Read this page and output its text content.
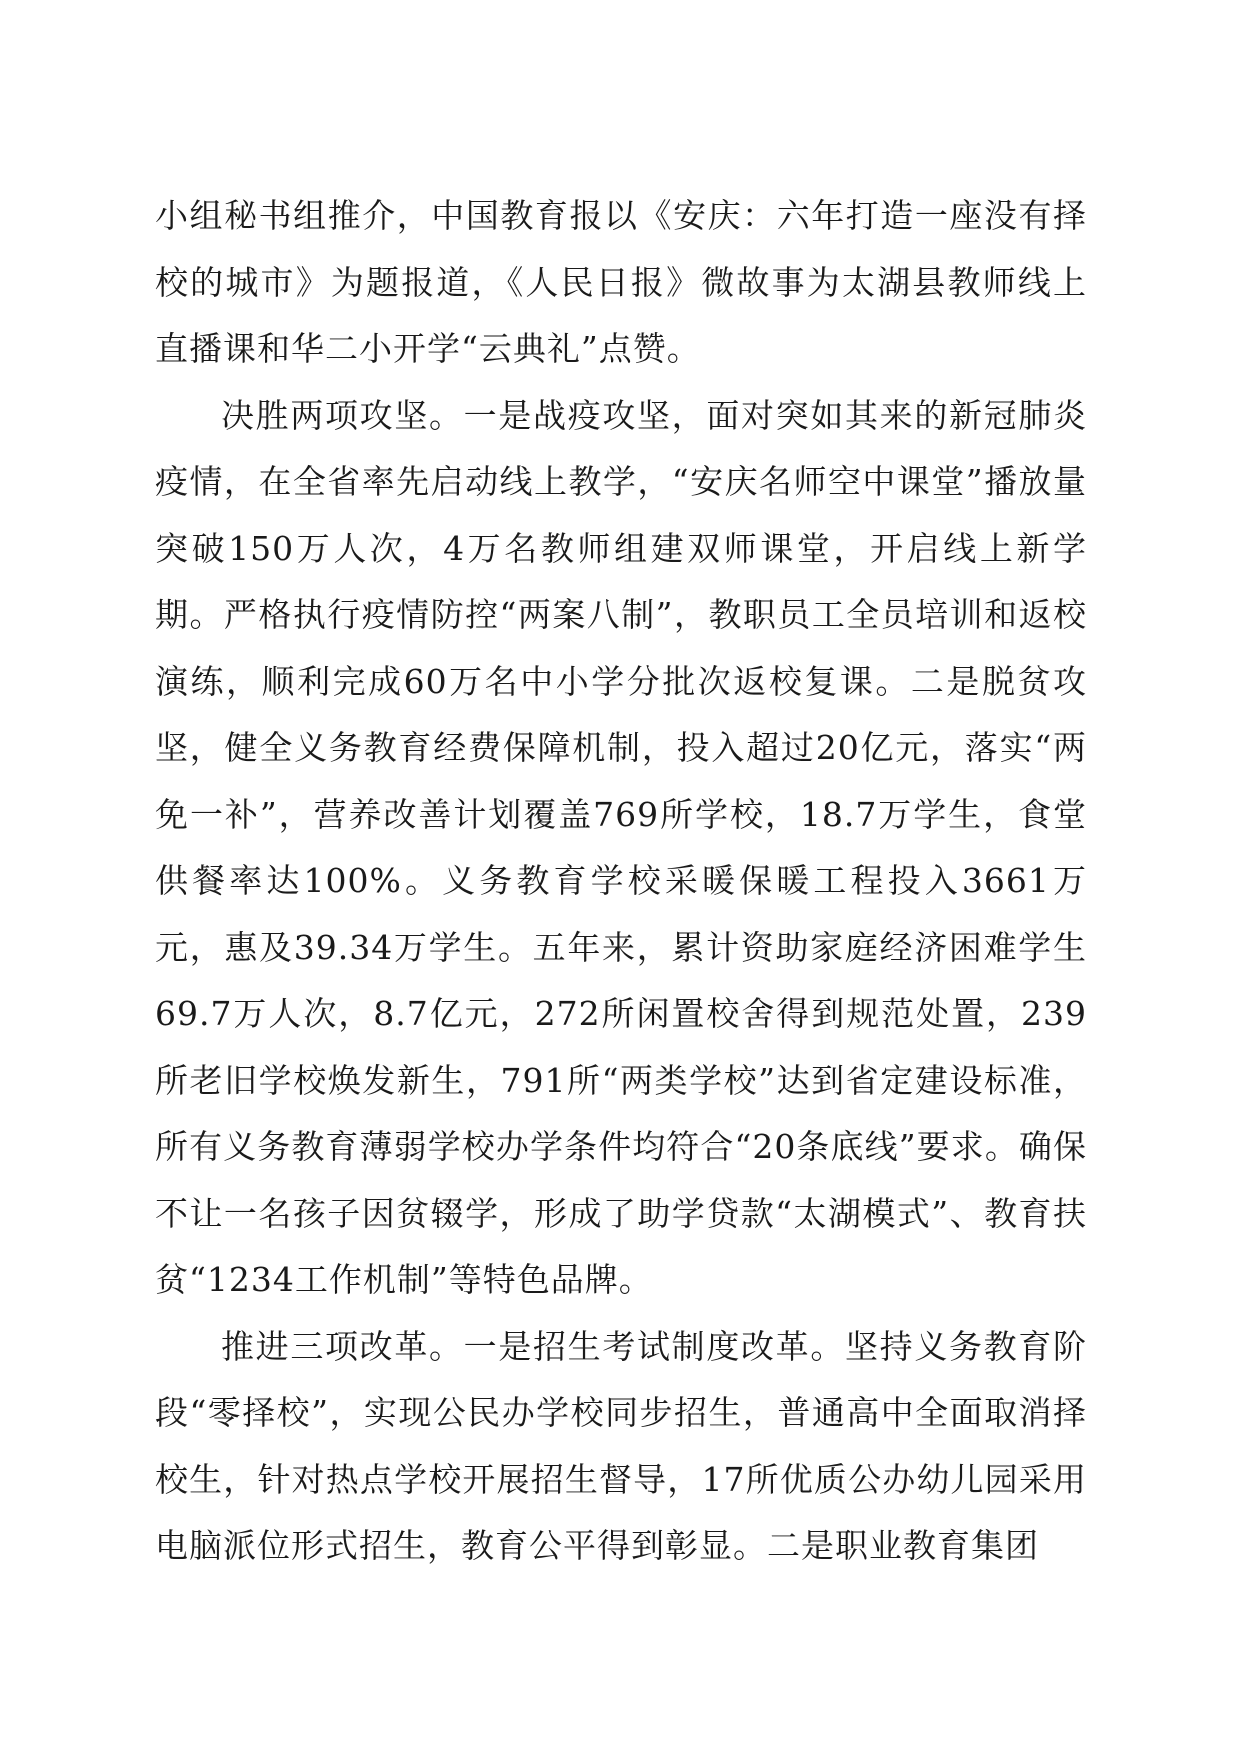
小组秘书组推介，中国教育报以《安庆：六年打造一座没有择校的城市》为题报道，《人民日报》微故事为太湖县教师线上直播课和华二小开学“云典礼”点赞。

决胜两项攻坚。一是战疫攻坚，面对突如其来的新冠肺炎疫情，在全省率先启动线上教学，“安庆名师空中课堂”播放量突破150万人次，4万名教师组建双师课堂，开启线上新学期。严格执行疫情防控“两案八制”，教职员工全员培训和返校演练，顺利完成60万名中小学分批次返校复课。二是脱贫攻坚，健全义务教育经费保障机制，投入超过20亿元，落实“两免一补”，营养改善计划覆盖769所学校，18.7万学生，食堂供餐率达100%。义务教育学校采暖保暖工程投入3661万元，惠及39.34万学生。五年来，累计资助家庭经济困难学生69.7万人次，8.7亿元，272所闲置校舍得到规范处置，239所老旧学校焕发新生，791所“两类学校”达到省定建设标准，所有义务教育薄弱学校办学条件均符合“20条底线”要求。确保不让一名孩子因贫辍学，形成了助学贷款“太湖模式”、教育扶贫“1234工作机制”等特色品牌。

推进三项改革。一是招生考试制度改革。坚持义务教育阶段“零择校”，实现公民办学校同步招生，普通高中全面取消择校生，针对热点学校开展招生督导，17所优质公办幼儿园采用电脑派位形式招生，教育公平得到彰显。二是职业教育集团
